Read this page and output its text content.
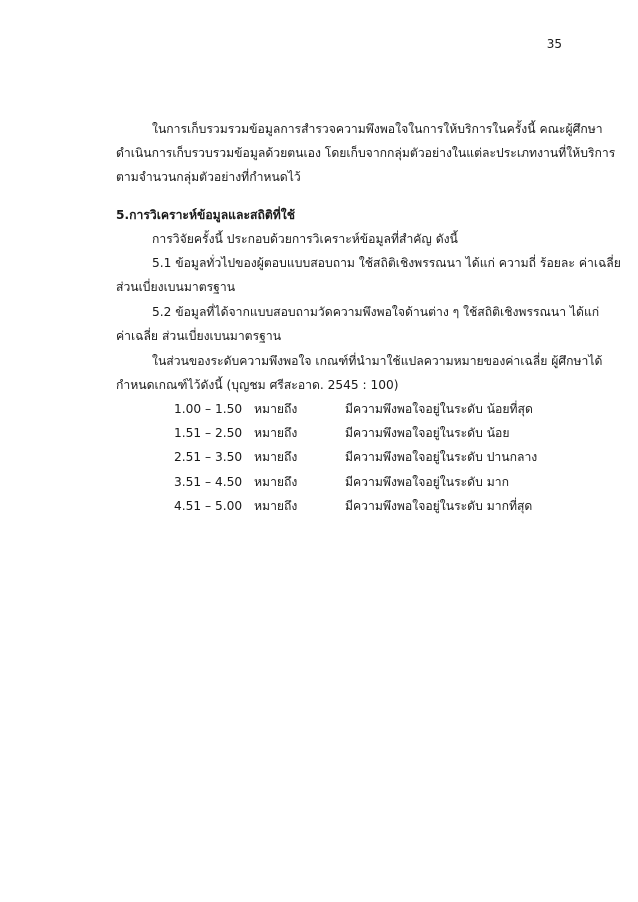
35
ในการเก็บรวมรวมข้อมูลการสำรวจความพึงพอใจในการให้บริการในครั้งนี้ คณะผู้ศึกษา
ดำเนินการเก็บรวบรวมข้อมูลด้วยตนเอง โดยเก็บจากกลุ่มตัวอย่างในแต่ละประเภทงานที่ให้บริการ
ตามจำนวนกลุ่มตัวอย่างที่กำหนดไว้
5.การวิเคราะห์ข้อมูลและสถิติที่ใช้
การวิจัยครั้งนี้ ประกอบด้วยการวิเคราะห์ข้อมูลที่สำคัญ ดังนี้
5.1 ข้อมูลทั่วไปของผู้ตอบแบบสอบถาม ใช้สถิติเชิงพรรณนา ได้แก่ ความถี่ ร้อยละ ค่าเฉลี่ย
ส่วนเบี่ยงเบนมาตรฐาน
5.2 ข้อมูลที่ได้จากแบบสอบถามวัดความพึงพอใจด้านต่าง ๆ ใช้สถิติเชิงพรรณนา ได้แก่
ค่าเฉลี่ย ส่วนเบี่ยงเบนมาตรฐาน
ในส่วนของระดับความพึงพอใจ เกณฑ์ที่นำมาใช้แปลความหมายของค่าเฉลี่ย ผู้ศึกษาได้
กำหนดเกณฑ์ไว้ดังนี้ (บุญชม ศรีสะอาด. 2545 : 100)
1.00 – 1.50 หมายถึง	มีความพึงพอใจอยู่ในระดับ น้อยที่สุด
1.51 – 2.50 หมายถึง	มีความพึงพอใจอยู่ในระดับ น้อย
2.51 – 3.50 หมายถึง	มีความพึงพอใจอยู่ในระดับ ปานกลาง
3.51 – 4.50 หมายถึง	มีความพึงพอใจอยู่ในระดับ มาก
4.51 – 5.00 หมายถึง	มีความพึงพอใจอยู่ในระดับ มากที่สุด
